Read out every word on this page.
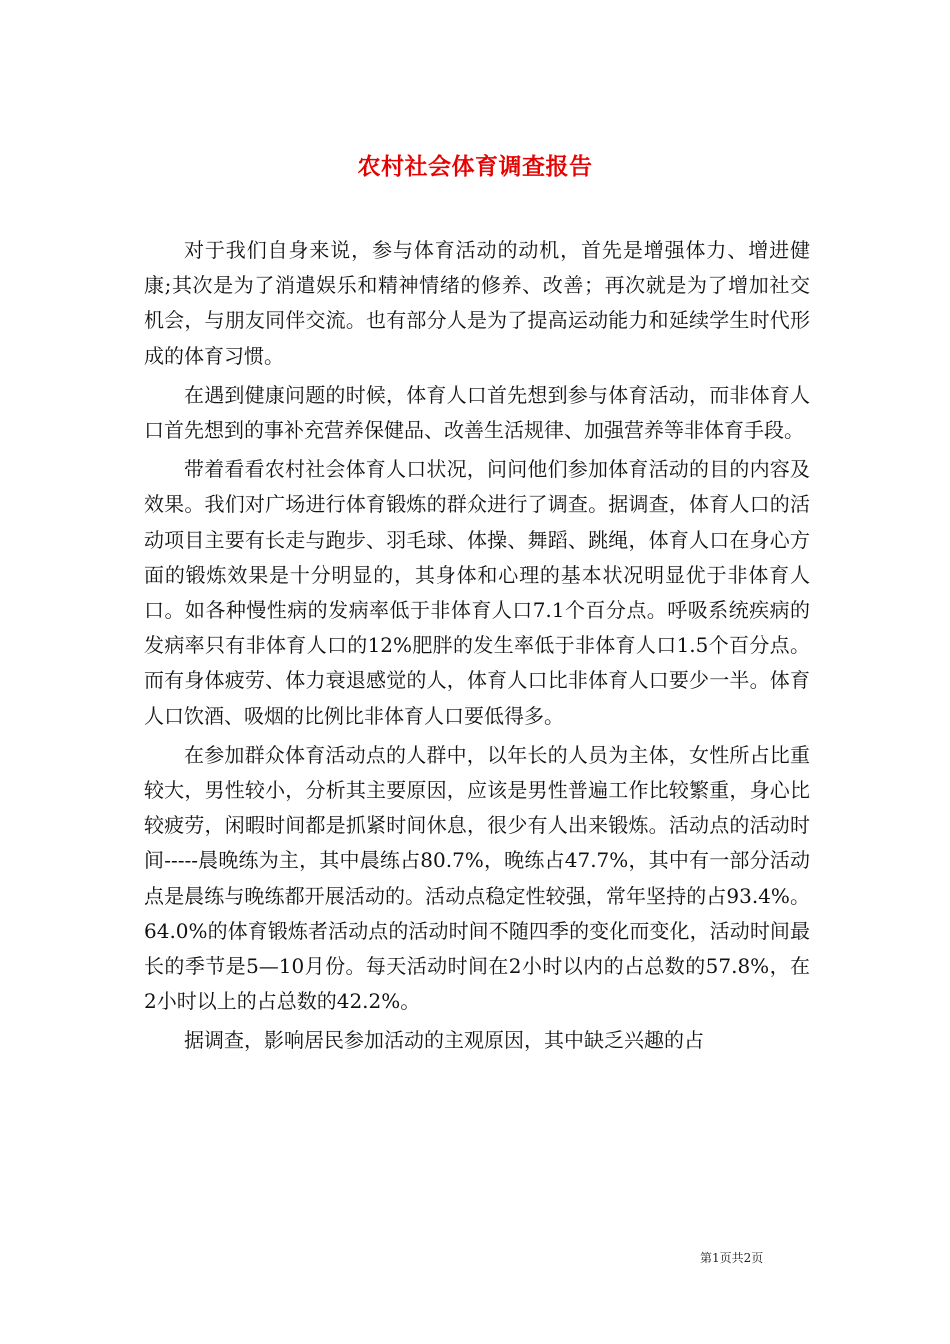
农村社会体育调查报告

对于我们自身来说，参与体育活动的动机，首先是增强体力、增进健康;其次是为了消遣娱乐和精神情绪的修养、改善；再次就是为了增加社交机会，与朋友同伴交流。也有部分人是为了提高运动能力和延续学生时代形成的体育习惯。

在遇到健康问题的时候，体育人口首先想到参与体育活动，而非体育人口首先想到的事补充营养保健品、改善生活规律、加强营养等非体育手段。

带着看看农村社会体育人口状况，问问他们参加体育活动的目的内容及效果。我们对广场进行体育锻炼的群众进行了调查。据调查，体育人口的活动项目主要有长走与跑步、羽毛球、体操、舞蹈、跳绳，体育人口在身心方面的锻炼效果是十分明显的，其身体和心理的基本状况明显优于非体育人口。如各种慢性病的发病率低于非体育人口7.1个百分点。呼吸系统疾病的发病率只有非体育人口的12%肥胖的发生率低于非体育人口1.5个百分点。而有身体疲劳、体力衰退感觉的人，体育人口比非体育人口要少一半。体育人口饮酒、吸烟的比例比非体育人口要低得多。

在参加群众体育活动点的人群中，以年长的人员为主体，女性所占比重较大，男性较小，分析其主要原因，应该是男性普遍工作比较繁重，身心比较疲劳，闲暇时间都是抓紧时间休息，很少有人出来锻炼。活动点的活动时间-----晨晚练为主，其中晨练占80.7%，晚练占47.7%，其中有一部分活动点是晨练与晚练都开展活动的。活动点稳定性较强，常年坚持的占93.4%。64.0%的体育锻炼者活动点的活动时间不随四季的变化而变化，活动时间最长的季节是5—10月份。每天活动时间在2小时以内的占总数的57.8%，在2小时以上的占总数的42.2%。

据调查，影响居民参加活动的主观原因，其中缺乏兴趣的占

第1页共2页
